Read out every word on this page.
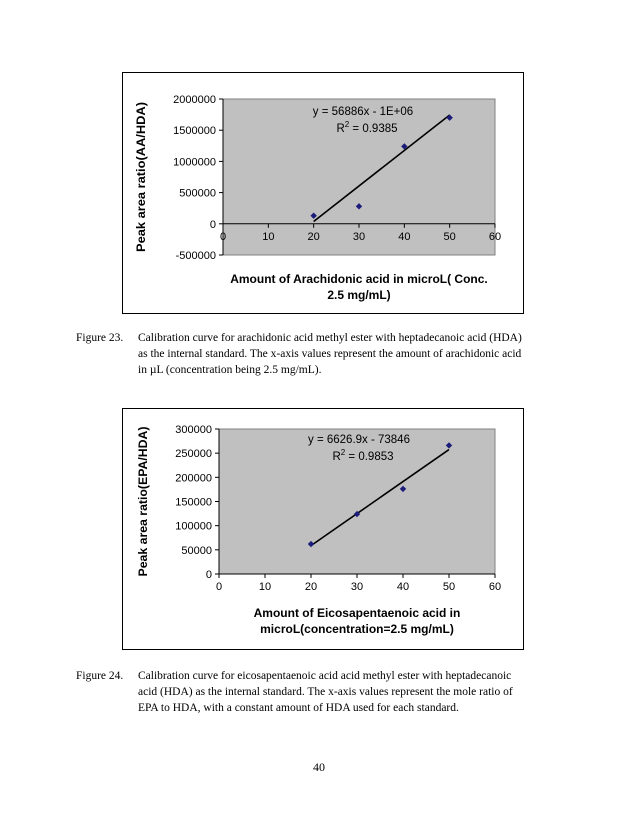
-500000
0
500000
1000000
1500000
2000000
0	10	20	30	40	50	60
y = 56886x - 1E+06
$R^2 = 0.9385$
Amount of Arachidonic acid in microL( Conc.
2.5 mg/mL)
Peak area ratio(AA/HDA)
Figure 23. Calibration curve for arachidonic acid methyl ester with heptadecanoic acid (HDA)
as the internal standard. The x-axis values represent the amount of arachidonic acid
in µL (concentration being 2.5 mg/mL).
0
50000
100000
150000
200000
250000
300000
0	10	20	30	40	50	60
y = 6626.9x - 73846
$R^2 = 0.9853$
Amount of Eicosapentaenoic acid in
microL(concentration=2.5 mg/mL)
Peak area ratio(EPA/HDA)
Figure 24. Calibration curve for eicosapentaenoic acid acid methyl ester with heptadecanoic
acid (HDA) as the internal standard. The x-axis values represent the mole ratio of
EPA to HDA, with a constant amount of HDA used for each standard.
40
